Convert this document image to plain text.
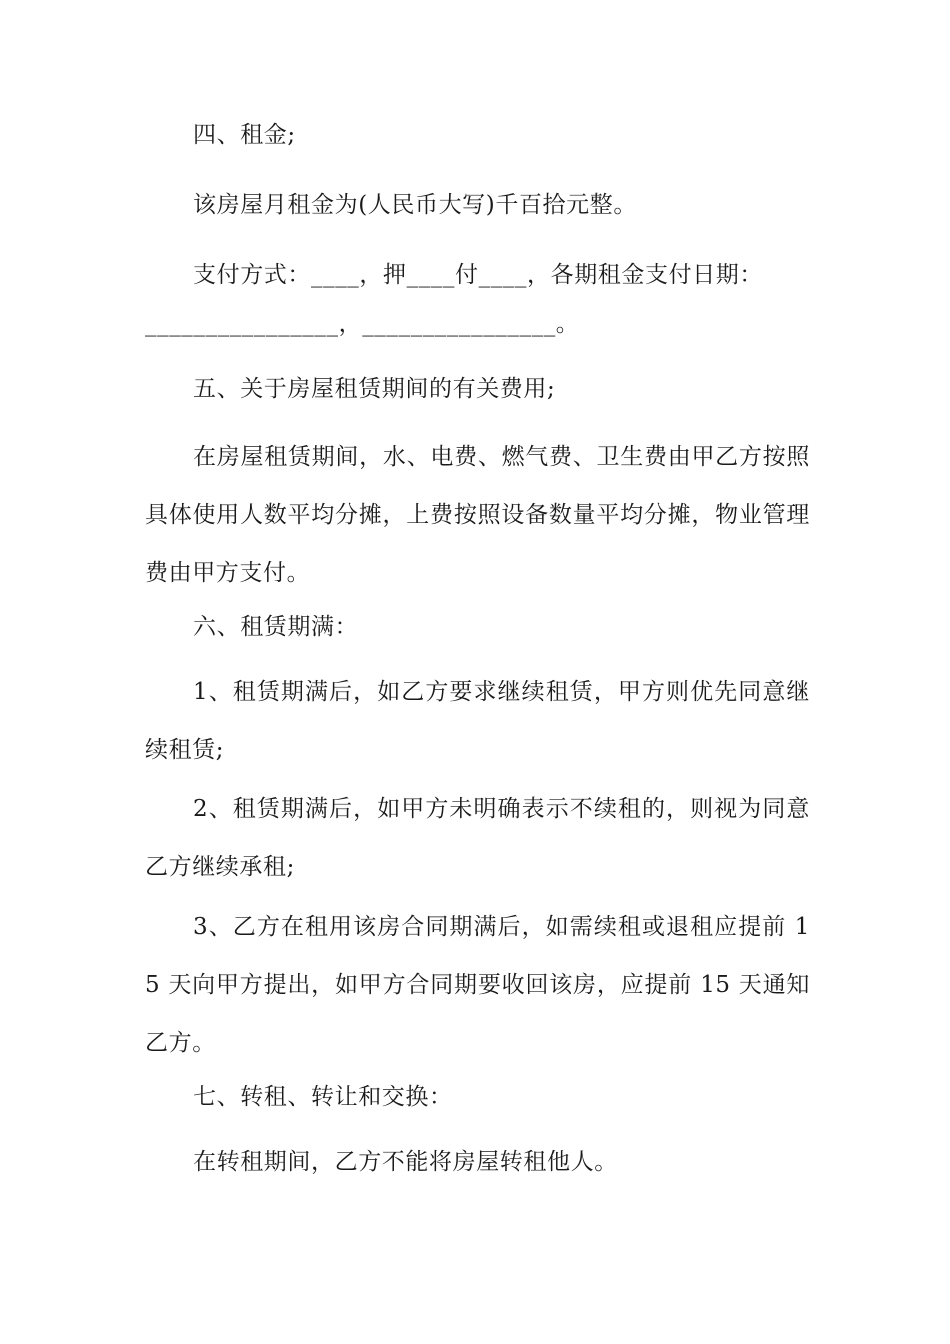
四、租金;

该房屋月租金为(人民币大写)千百拾元整。

支付方式：____，押____付____，各期租金支付日期：

________________，________________。

五、关于房屋租赁期间的有关费用;

在房屋租赁期间，水、电费、燃气费、卫生费由甲乙方按照具体使用人数平均分摊，上费按照设备数量平均分摊，物业管理费由甲方支付。

六、租赁期满：

1、租赁期满后，如乙方要求继续租赁，甲方则优先同意继续租赁;

2、租赁期满后，如甲方未明确表示不续租的，则视为同意乙方继续承租;

3、乙方在租用该房合同期满后，如需续租或退租应提前 15 天向甲方提出，如甲方合同期要收回该房，应提前 15 天通知乙方。

七、转租、转让和交换：

在转租期间，乙方不能将房屋转租他人。
